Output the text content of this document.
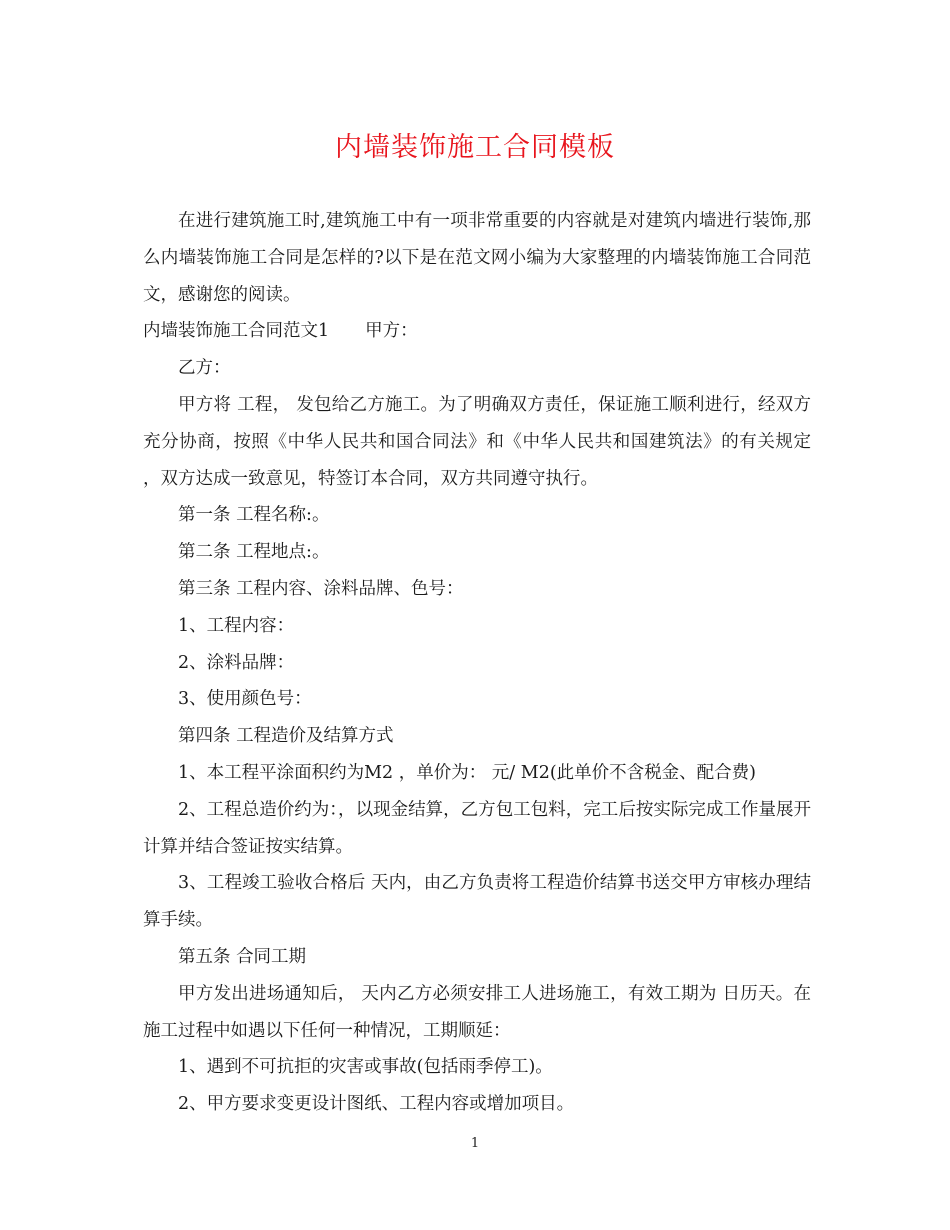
内墙装饰施工合同模板

在进行建筑施工时,建筑施工中有一项非常重要的内容就是对建筑内墙进行装饰,那么内墙装饰施工合同是怎样的?以下是在范文网小编为大家整理的内墙装饰施工合同范文，感谢您的阅读。

内墙装饰施工合同范文1 甲方：

乙方：

甲方将 工程， 发包给乙方施工。为了明确双方责任，保证施工顺利进行，经双方充分协商，按照《中华人民共和国合同法》和《中华人民共和国建筑法》的有关规定 ，双方达成一致意见，特签订本合同，双方共同遵守执行。

第一条 工程名称:。

第二条 工程地点:。

第三条 工程内容、涂料品牌、色号：

1、工程内容：

2、涂料品牌：

3、使用颜色号：

第四条 工程造价及结算方式

1、本工程平涂面积约为M2 ，单价为： 元/ M2(此单价不含税金、配合费)

2、工程总造价约为：，以现金结算，乙方包工包料，完工后按实际完成工作量展开计算并结合签证按实结算。

3、工程竣工验收合格后 天内，由乙方负责将工程造价结算书送交甲方审核办理结算手续。

第五条 合同工期

甲方发出进场通知后， 天内乙方必须安排工人进场施工，有效工期为 日历天。在施工过程中如遇以下任何一种情况，工期顺延：

1、遇到不可抗拒的灾害或事故(包括雨季停工)。

2、甲方要求变更设计图纸、工程内容或增加项目。

1
